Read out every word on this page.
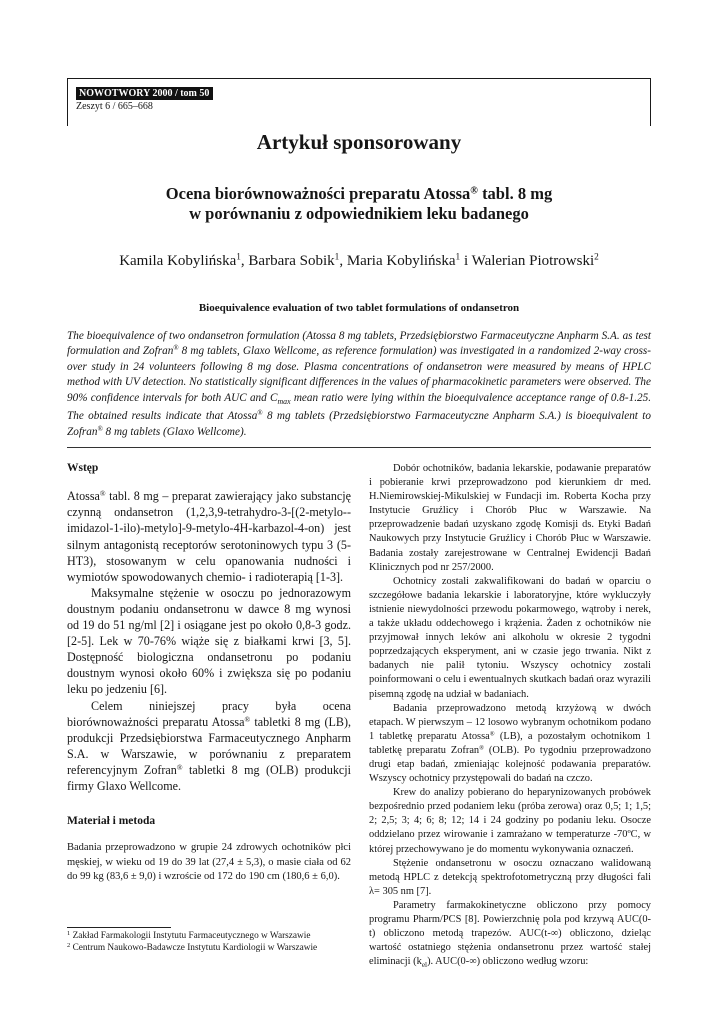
NOWOTWORY 2000 / tom 50
Zeszyt 6 / 665–668
Artykuł sponsorowany
Ocena biorównoważności preparatu Atossa® tabl. 8 mg
w porównaniu z odpowiednikiem leku badanego
Kamila Kobylińska$^1$, Barbara Sobik$^1$, Maria Kobylińska$^1$ i Walerian Piotrowski$^2$
Bioequivalence evaluation of two tablet formulations of ondansetron
The bioequivalence of two ondansetron formulation (Atossa 8 mg tablets, Przedsiębiorstwo Farmaceutyczne Anpharm S.A. as test formulation and Zofran® 8 mg tablets, Glaxo Wellcome, as reference formulation) was investigated in a randomized 2-way cross-over study in 24 volunteers following 8 mg dose. Plasma concentrations of ondansetron were measured by means of HPLC method with UV detection. No statistically significant differences in the values of pharmacokinetic parameters were observed. The 90% confidence intervals for both AUC and $C_{max}$ mean ratio were lying within the bioequivalence acceptance range of 0.8-1.25. The obtained results indicate that Atossa® 8 mg tablets (Przedsiębiorstwo Farmaceutyczne Anpharm S.A.) is bioequivalent to Zofran® 8 mg tablets (Glaxo Wellcome).
Wstęp

Atossa® tabl. 8 mg – preparat zawierający jako substancję czynną ondansetron (1,2,3,9-tetrahydro-3-[(2-metylo--imidazol-1-ilo)-metylo]-9-metylo-4H-karbazol-4-on) jest silnym antagonistą receptorów serotoninowych typu 3 (5-HT3), stosowanym w celu opanowania nudności i wymiotów spowodowanych chemio- i radioterapią [1-3].

Maksymalne stężenie w osoczu po jednorazowym doustnym podaniu ondansetronu w dawce 8 mg wynosi od 19 do 51 ng/ml [2] i osiągane jest po około 0,8-3 godz. [2-5]. Lek w 70-76% wiąże się z białkami krwi [3, 5]. Dostępność biologiczna ondansetronu po podaniu doustnym wynosi około 60% i zwiększa się po podaniu leku po jedzeniu [6].

Celem niniejszej pracy była ocena biorównoważności preparatu Atossa® tabletki 8 mg (LB), produkcji Przedsiębiorstwa Farmaceutycznego Anpharm S.A. w Warszawie, w porównaniu z preparatem referencyjnym Zofran® tabletki 8 mg (OLB) produkcji firmy Glaxo Wellcome.

Materiał i metoda

Badania przeprowadzono w grupie 24 zdrowych ochotników płci męskiej, w wieku od 19 do 39 lat (27,4 ± 5,3), o masie ciała od 62 do 99 kg (83,6 ± 9,0) i wzroście od 172 do 190 cm (180,6 ± 6,0).

Dobór ochotników, badania lekarskie, podawanie preparatów i pobieranie krwi przeprowadzono pod kierunkiem dr med. H.Niemirowskiej-Mikulskiej w Fundacji im. Roberta Kocha przy Instytucie Gruźlicy i Chorób Płuc w Warszawie. Na przeprowadzenie badań uzyskano zgodę Komisji ds. Etyki Badań Naukowych przy Instytucie Gruźlicy i Chorób Płuc w Warszawie. Badania zostały zarejestrowane w Centralnej Ewidencji Badań Klinicznych pod nr 257/2000.

Ochotnicy zostali zakwalifikowani do badań w oparciu o szczegółowe badania lekarskie i laboratoryjne, które wykluczyły istnienie niewydolności przewodu pokarmowego, wątroby i nerek, a także układu oddechowego i krążenia. Żaden z ochotników nie przyjmował innych leków ani alkoholu w okresie 2 tygodni poprzedzających eksperyment, ani w czasie jego trwania. Nikt z badanych nie palił tytoniu. Wszyscy ochotnicy zostali poinformowani o celu i ewentualnych skutkach badań oraz wyrazili pisemną zgodę na udział w badaniach.

Badania przeprowadzono metodą krzyżową w dwóch etapach. W pierwszym – 12 losowo wybranym ochotnikom podano 1 tabletkę preparatu Atossa® (LB), a pozostałym ochotnikom 1 tabletkę preparatu Zofran® (OLB). Po tygodniu przeprowadzono drugi etap badań, zmieniając kolejność podawania preparatów. Wszyscy ochotnicy przystępowali do badań na czczo.

Krew do analizy pobierano do heparynizowanych probówek bezpośrednio przed podaniem leku (próba zerowa) oraz 0,5; 1; 1,5; 2; 2,5; 3; 4; 6; 8; 12; 14 i 24 godziny po podaniu leku. Osocze oddzielano przez wirowanie i zamrażano w temperaturze -70ºC, w której przechowywano je do momentu wykonywania oznaczeń.

Stężenie ondansetronu w osoczu oznaczano walidowaną metodą HPLC z detekcją spektrofotometryczną przy długości fali λ= 305 nm [7].

Parametry farmakokinetyczne obliczono przy pomocy programu Pharm/PCS [8]. Powierzchnię pola pod krzywą AUC(0-t) obliczono metodą trapezów. AUC(t-∞) obliczono, dzieląc wartość ostatniego stężenia ondansetronu przez wartość stałej eliminacji $(k_{el})$. AUC(0-∞) obliczono według wzoru:

$^1$ Zakład Farmakologii Instytutu Farmaceutycznego w Warszawie
$^2$ Centrum Naukowo-Badawcze Instytutu Kardiologii w Warszawie
